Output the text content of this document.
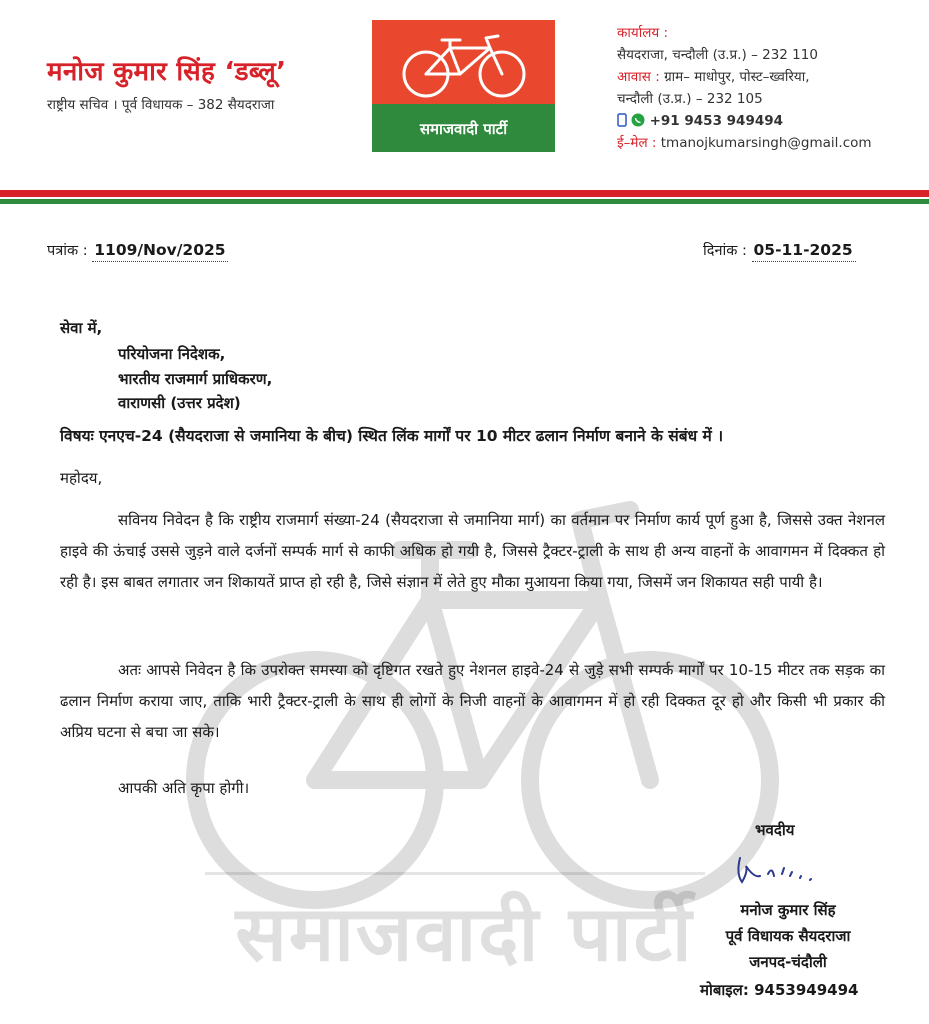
समाजवादी पार्टी
मनोज कुमार सिंह ‘डब्लू’
राष्ट्रीय सचिव । पूर्व विधायक – 382 सैयदराजा
समाजवादी पार्टी
कार्यालय :
सैयदराजा, चन्दौली (उ.प्र.) – 232 110
आवास : ग्राम– माधोपुर, पोस्ट–ख्वरिया,
चन्दौली (उ.प्र.) – 232 105
+91 9453 949494
ई–मेल : tmanojkumarsingh@gmail.com
पत्रांक : 1109/Nov/2025	दिनांक : 05-11-2025
सेवा में,
परियोजना निदेशक,
भारतीय राजमार्ग प्राधिकरण,
वाराणसी (उत्तर प्रदेश)
विषयः एनएच-24 (सैयदराजा से जमानिया के बीच) स्थित लिंक मार्गों पर 10 मीटर ढलान निर्माण बनाने के संबंध में ।
महोदय,
सविनय निवेदन है कि राष्ट्रीय राजमार्ग संख्या-24 (सैयदराजा से जमानिया मार्ग) का वर्तमान पर निर्माण कार्य पूर्ण हुआ है, जिससे उक्त नेशनल हाइवे की ऊंचाई उससे जुड़ने वाले दर्जनों सम्पर्क मार्ग से काफी अधिक हो गयी है, जिससे ट्रैक्टर-ट्राली के साथ ही अन्य वाहनों के आवागमन में दिक्कत हो रही है। इस बाबत लगातार जन शिकायतें प्राप्त हो रही है, जिसे संज्ञान में लेते हुए मौका मुआयना किया गया, जिसमें जन शिकायत सही पायी है।
अतः आपसे निवेदन है कि उपरोक्त समस्या को दृष्टिगत रखते हुए नेशनल हाइवे-24 से जुड़े सभी सम्पर्क मार्गों पर 10-15 मीटर तक सड़क का ढलान निर्माण कराया जाए, ताकि भारी ट्रैक्टर-ट्राली के साथ ही लोगों के निजी वाहनों के आवागमन में हो रही दिक्कत दूर हो और किसी भी प्रकार की अप्रिय घटना से बचा जा सके।
आपकी अति कृपा होगी।
भवदीय
मनोज कुमार सिंह
पूर्व विधायक सैयदराजा
जनपद-चंदौली
मोबाइल: 9453949494
